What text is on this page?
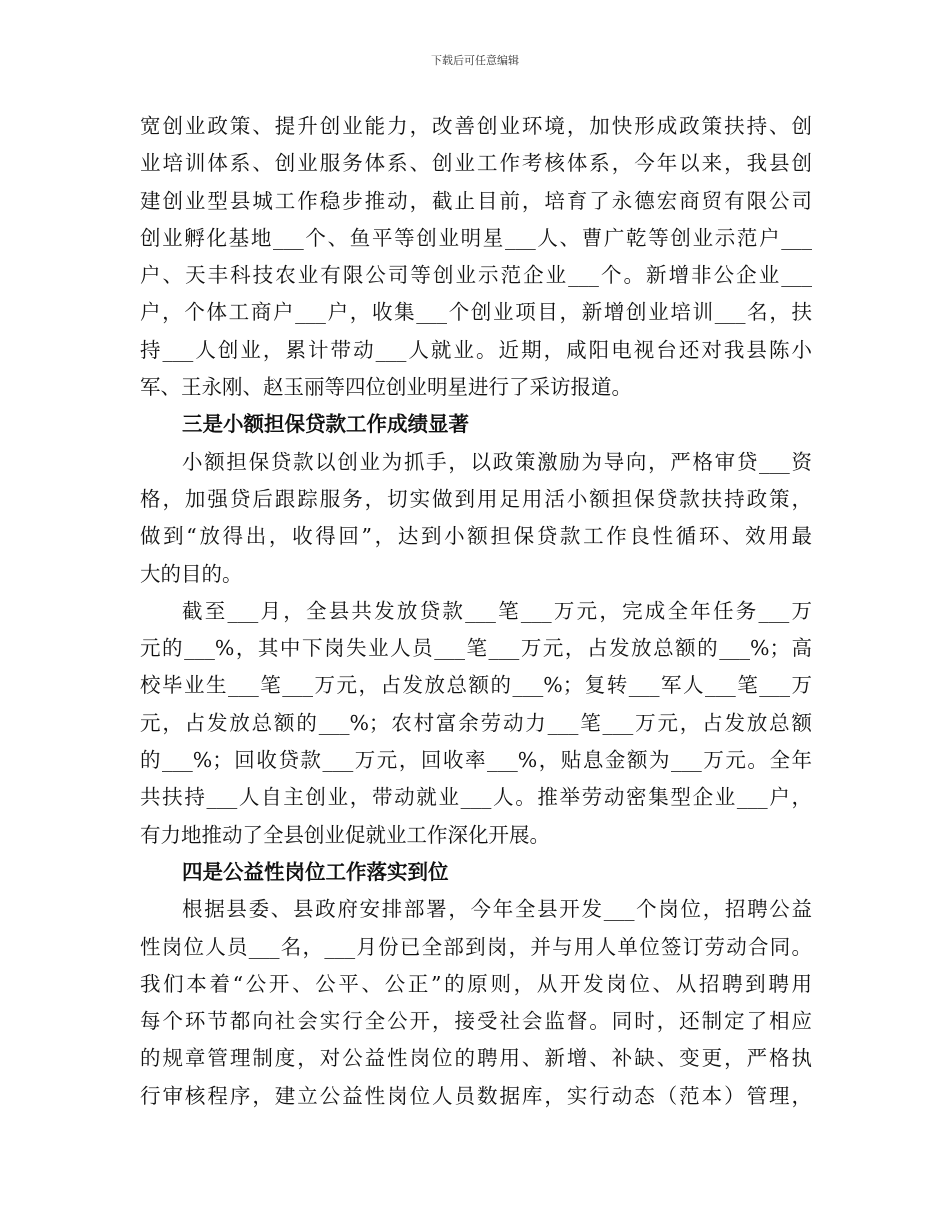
下载后可任意编辑
宽创业政策、提升创业能力，改善创业环境，加快形成政策扶持、创
业培训体系、创业服务体系、创业工作考核体系，今年以来，我县创
建创业型县城工作稳步推动，截止目前，培育了永德宏商贸有限公司
创业孵化基地___个、鱼平等创业明星___人、曹广乾等创业示范户___
户、天丰科技农业有限公司等创业示范企业___个。新增非公企业___
户，个体工商户___户，收集___个创业项目，新增创业培训___名，扶
持___人创业，累计带动___人就业。近期，咸阳电视台还对我县陈小
军、王永刚、赵玉丽等四位创业明星进行了采访报道。
三是小额担保贷款工作成绩显著
小额担保贷款以创业为抓手，以政策激励为导向，严格审贷___资
格，加强贷后跟踪服务，切实做到用足用活小额担保贷款扶持政策，
做到“放得出，收得回”，达到小额担保贷款工作良性循环、效用最
大的目的。
截至___月，全县共发放贷款___笔___万元，完成全年任务___万
元的___%，其中下岗失业人员___笔___万元，占发放总额的___%；高
校毕业生___笔___万元，占发放总额的___%；复转___军人___笔___万
元，占发放总额的___%；农村富余劳动力___笔___万元，占发放总额
的___%；回收贷款___万元，回收率___%，贴息金额为___万元。全年
共扶持___人自主创业，带动就业___人。推举劳动密集型企业___户，
有力地推动了全县创业促就业工作深化开展。
四是公益性岗位工作落实到位
根据县委、县政府安排部署，今年全县开发___个岗位，招聘公益
性岗位人员___名，___月份已全部到岗，并与用人单位签订劳动合同。
我们本着“公开、公平、公正”的原则，从开发岗位、从招聘到聘用
每个环节都向社会实行全公开，接受社会监督。同时，还制定了相应
的规章管理制度，对公益性岗位的聘用、新增、补缺、变更，严格执
行审核程序，建立公益性岗位人员数据库，实行动态（范本）管理，
